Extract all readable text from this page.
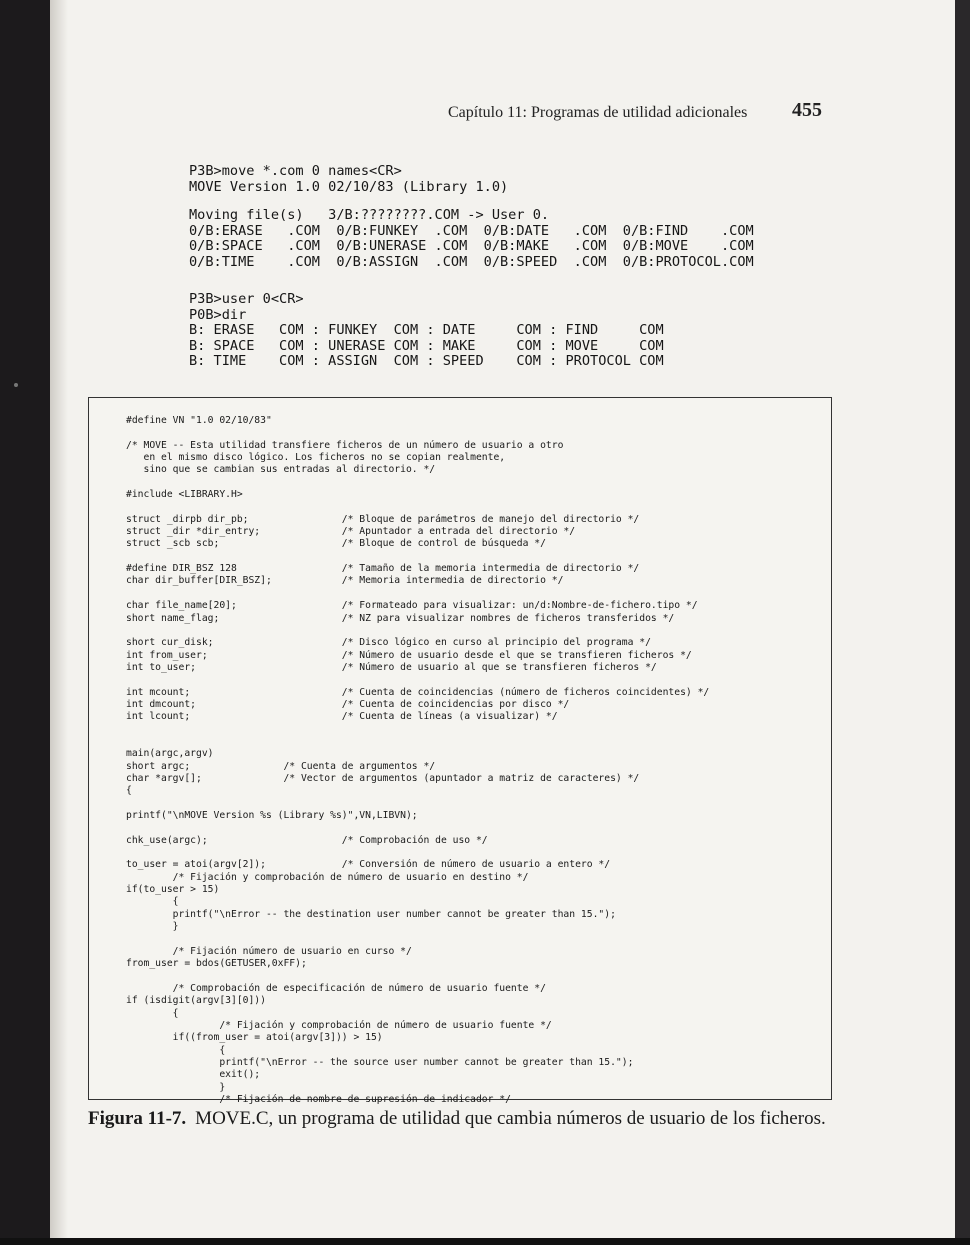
Capítulo 11: Programas de utilidad adicionales 455
P3B>move *.com 0 names<CR>
MOVE Version 1.0 02/10/83 (Library 1.0)
Moving file(s)   3/B:????????.COM -> User 0.
0/B:ERASE   .COM  0/B:FUNKEY  .COM  0/B:DATE   .COM  0/B:FIND    .COM
0/B:SPACE   .COM  0/B:UNERASE .COM  0/B:MAKE   .COM  0/B:MOVE    .COM
0/B:TIME    .COM  0/B:ASSIGN  .COM  0/B:SPEED  .COM  0/B:PROTOCOL.COM
P3B>user 0<CR>
P0B>dir
B: ERASE   COM : FUNKEY  COM : DATE     COM : FIND     COM
B: SPACE   COM : UNERASE COM : MAKE     COM : MOVE     COM
B: TIME    COM : ASSIGN  COM : SPEED    COM : PROTOCOL COM
#define VN "1.0 02/10/83"

/* MOVE -- Esta utilidad transfiere ficheros de un número de usuario a otro
en el mismo disco lógico. Los ficheros no se copian realmente,
sino que se cambian sus entradas al directorio. */

#include <LIBRARY.H>

struct _dirpb dir_pb;                /* Bloque de parámetros de manejo del directorio */
struct _dir *dir_entry;              /* Apuntador a entrada del directorio */
struct _scb scb;                     /* Bloque de control de búsqueda */

#define DIR_BSZ 128                  /* Tamaño de la memoria intermedia de directorio */
char dir_buffer[DIR_BSZ];            /* Memoria intermedia de directorio */

char file_name[20];                  /* Formateado para visualizar: un/d:Nombre-de-fichero.tipo */
short name_flag;                     /* NZ para visualizar nombres de ficheros transferidos */

short cur_disk;                      /* Disco lógico en curso al principio del programa */
int from_user;                       /* Número de usuario desde el que se transfieren ficheros */
int to_user;                         /* Número de usuario al que se transfieren ficheros */

int mcount;                          /* Cuenta de coincidencias (número de ficheros coincidentes) */
int dmcount;                         /* Cuenta de coincidencias por disco */
int lcount;                          /* Cuenta de líneas (a visualizar) */

main(argc,argv)
short argc;                /* Cuenta de argumentos */
char *argv[];              /* Vector de argumentos (apuntador a matriz de caracteres) */
{

printf("\nMOVE Version %s (Library %s)",VN,LIBVN);

chk_use(argc);                       /* Comprobación de uso */

to_user = atoi(argv[2]);             /* Conversión de número de usuario a entero */
/* Fijación y comprobación de número de usuario en destino */
if(to_user > 15)
{
printf("\nError -- the destination user number cannot be greater than 15.");
}

/* Fijación número de usuario en curso */
from_user = bdos(GETUSER,0xFF);

/* Comprobación de especificación de número de usuario fuente */
if (isdigit(argv[3][0]))
{
/* Fijación y comprobación de número de usuario fuente */
if((from_user = atoi(argv[3])) > 15)
{
printf("\nError -- the source user number cannot be greater than 15.");
exit();
}
/* Fijación de nombre de supresión de indicador */
Figura 11-7. MOVE.C, un programa de utilidad que cambia números de usuario de los ficheros.
